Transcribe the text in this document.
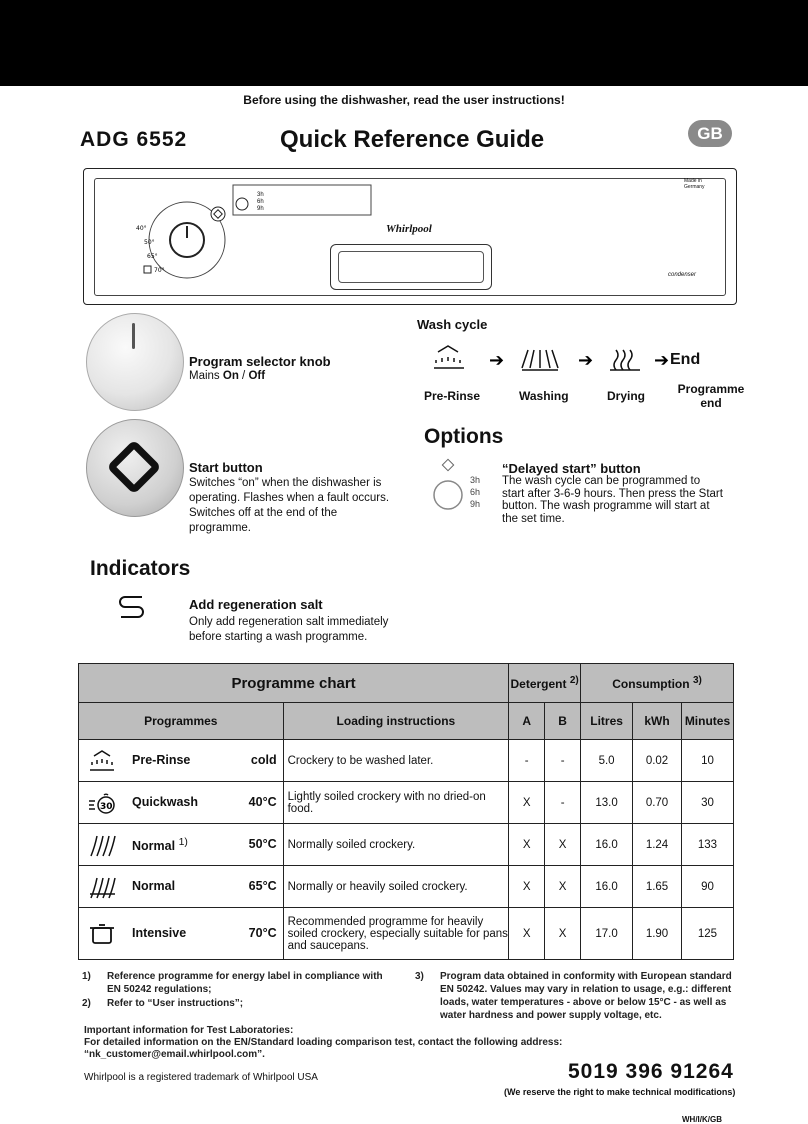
Before using the dishwasher, read the user instructions!
ADG 6552	Quick Reference Guide	GB
Whirlpool
Made in Germany
condenser
40°
50°
65°
70°
3h
6h
9h
Program selector knob
Mains On / Off
Start button
Switches “on” when the dishwasher is operating. Flashes when a fault occurs. Switches off at the end of the programme.
Wash cycle
➔	➔	➔ End
Pre-Rinse	Washing	Drying	Programme end
Options
3h
6h
9h
“Delayed start” button
The wash cycle can be programmed to start after 3-6-9 hours. Then press the Start button. The wash programme will start at the set time.
Indicators
Add regeneration salt
Only add regeneration salt immediately before starting a wash programme.
Programme chart		Detergent $^{2)}$		Consumption $^{3)}$
Programmes	Loading instructions	A	B	Litres	kWh	Minutes

Pre-Rinse cold	Crockery to be washed later.	-	-	5.0	0.02	10

30 Quickwash 40°C	Lightly soiled crockery with no dried-on food.	X	-	13.0	0.70	30

Normal $^{1)}$ 50°C	Normally soiled crockery.	X	X	16.0	1.24	133

Normal 65°C	Normally or heavily soiled crockery.	X	X	16.0	1.65	90

Intensive 70°C	Recommended programme for heavily soiled crockery, especially suitable for pans and saucepans.	X	X	17.0	1.90	125
1) Reference programme for energy label in compliance with EN 50242 regulations;
2) Refer to “User instructions”;
3) Program data obtained in conformity with European standard EN 50242. Values may vary in relation to usage, e.g.: different loads, water temperatures - above or below 15°C - as well as water hardness and power supply voltage, etc.
Important information for Test Laboratories:
For detailed information on the EN/Standard loading comparison test, contact the following address:
“nk_customer@email.whirlpool.com”.
Whirlpool is a registered trademark of Whirlpool USA	5019 396 91264
(We reserve the right to make technical modifications)
WH/I/K/GB
